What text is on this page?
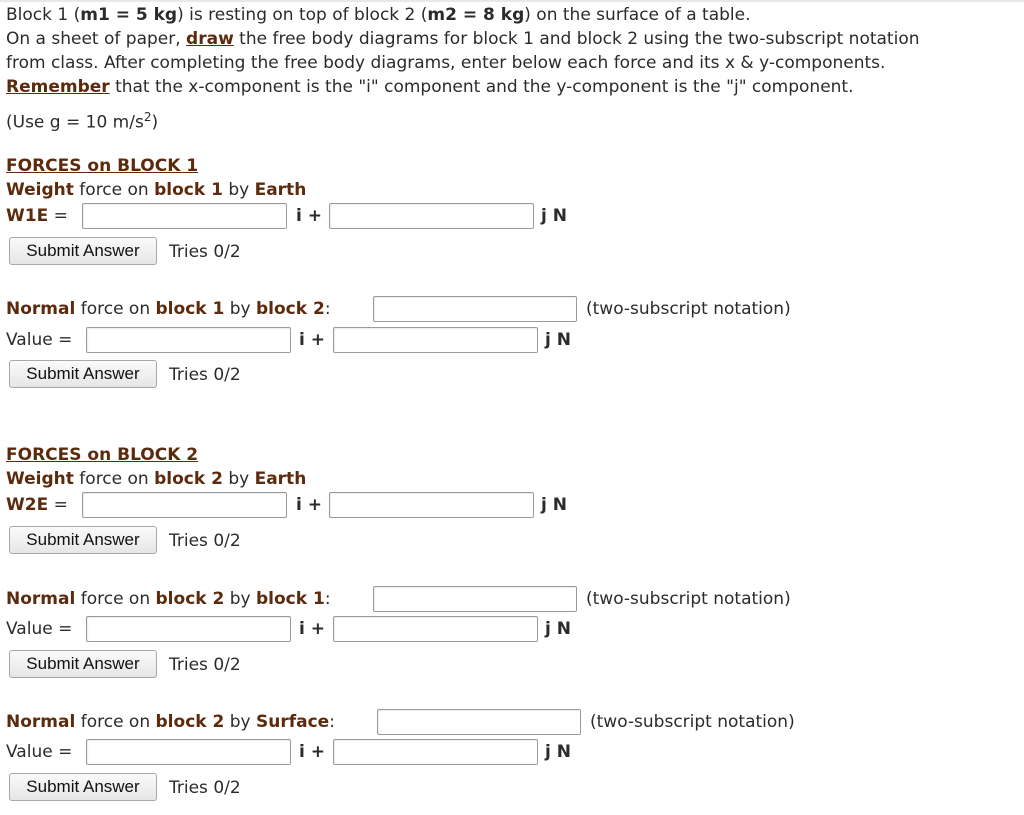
Block 1 (m1 = 5 kg) is resting on top of block 2 (m2 = 8 kg) on the surface of a table.
On a sheet of paper, draw the free body diagrams for block 1 and block 2 using the two-subscript notation
from class. After completing the free body diagrams, enter below each force and its x & y-components.
Remember that the x-component is the "i" component and the y-component is the "j" component.
(Use g = 10 $m/s^2$)
FORCES on BLOCK 1
Weight force on block 1 by Earth
W1E =	i +	j N
Submit Answer	Tries 0/2
Normal force on block 1 by block 2:	(two-subscript notation)
Value =	i +	j N
Submit Answer	Tries 0/2
FORCES on BLOCK 2
Weight force on block 2 by Earth
W2E =	i +	j N
Submit Answer	Tries 0/2
Normal force on block 2 by block 1:	(two-subscript notation)
Value =	i +	j N
Submit Answer	Tries 0/2
Normal force on block 2 by Surface:	(two-subscript notation)
Value =	i +	j N
Submit Answer	Tries 0/2
